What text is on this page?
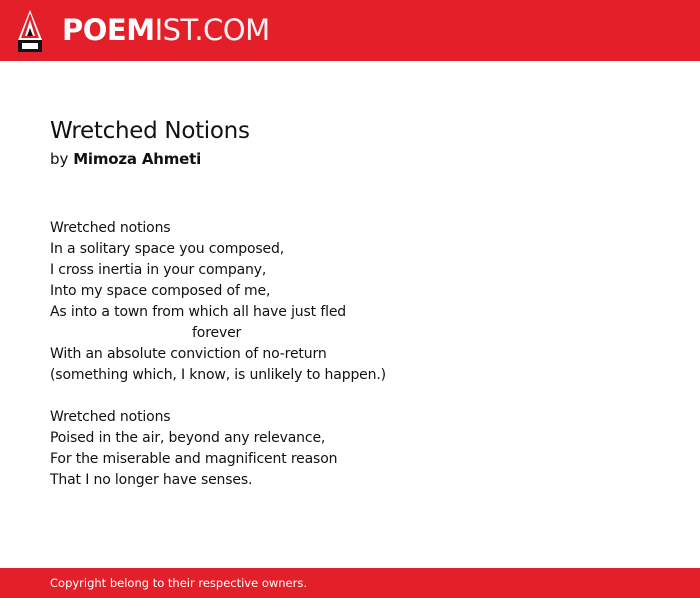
POEMIST.COM
Wretched Notions

by Mimoza Ahmeti

Wretched notions
In a solitary space you composed,
I cross inertia in your company,
Into my space composed of me,
As into a town from which all have just fled
forever
With an absolute conviction of no-return
(something which, I know, is unlikely to happen.)
Wretched notions
Poised in the air, beyond any relevance,
For the miserable and magnificent reason
That I no longer have senses.
Copyright belong to their respective owners.
